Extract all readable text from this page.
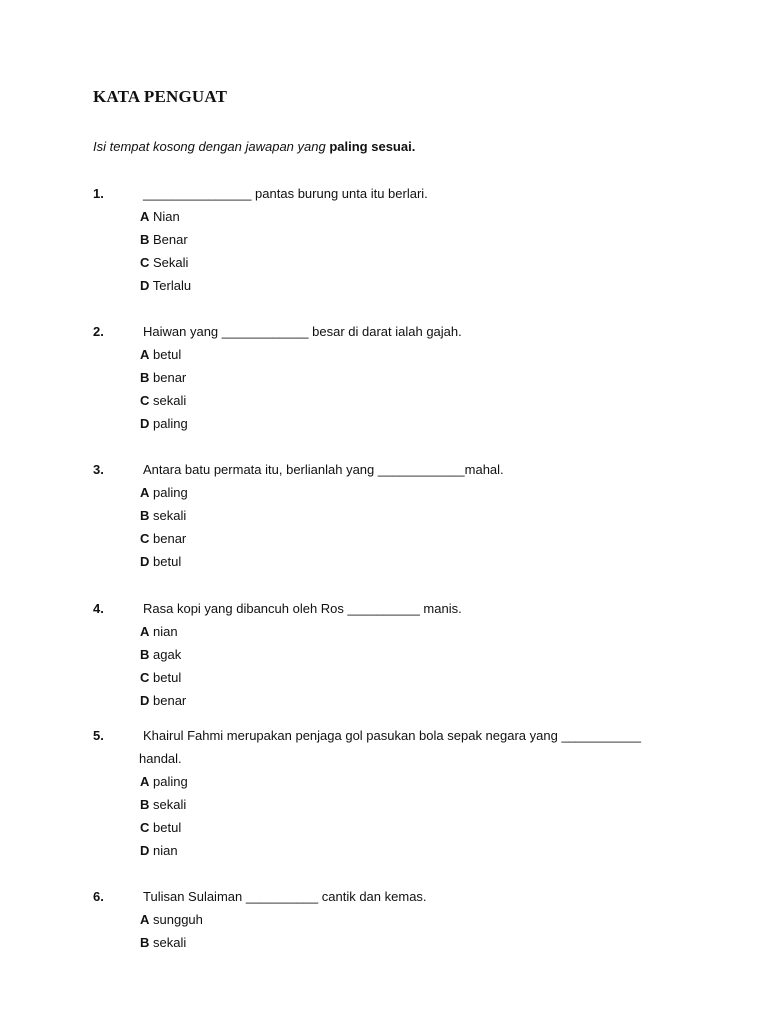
KATA PENGUAT
Isi tempat kosong dengan jawapan yang paling sesuai.
1.	_______________ pantas burung unta itu berlari.
A Nian
B Benar
C Sekali
D Terlalu
2.	Haiwan yang ____________ besar di darat ialah gajah.
A betul
B benar
C sekali
D paling
3.	Antara batu permata itu, berlianlah yang ____________mahal.
A paling
B sekali
C benar
D betul
4.	Rasa kopi yang dibancuh oleh Ros __________ manis.
A nian
B agak
C betul
D benar
5.	Khairul Fahmi merupakan penjaga gol pasukan bola sepak negara yang ___________
handal.
A paling
B sekali
C betul
D nian
6.	Tulisan Sulaiman __________ cantik dan kemas.
A sungguh
B sekali
